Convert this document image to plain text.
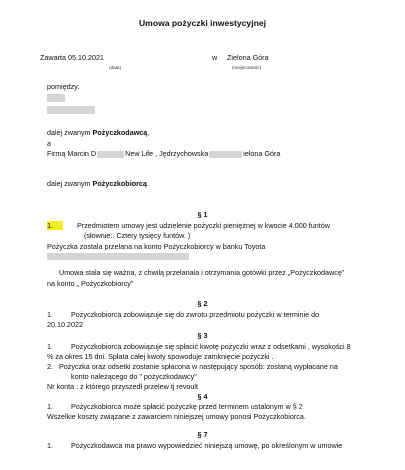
Umowa pożyczki inwestycyjnej
Zawarta 05.10.2021
(data)
w Zielona Góra
(miejscowość)
pomiędzy:
dalej zwanym Pożyczkodawcą,
a
Firmą Marcin D	New Life , Jędrzychowska	ielona Góra
dalej zwanym Pożyczkobiorcą.
§ 1
1.	Przedmiotem umowy jest udzielenie pożyczki pieniężnej w kwocie 4.000 funtów
(słownie:. Cztery tysięcy funtów. )
Pożyczka zostala przelana na konto Pożyczkobiorcy w banku Toyota
Umowa stala się ważna, z chwilą przelanaia i otrzymania gotówki przez „Pożyczkodawcę”
na konto „ Pożyczkobiorcy”
§ 2
1.	Pożyczkobiorca zobowiązuje się do zwrotu przedmiotu pożyczki w terminie do
20.10.2022
§ 3
1.	Pożyczkobiorca zobowiązuje się spłacić kwotę pożyczki wraz z odsetkami , wysokości 8
% za okres 15 dni. Spłata całej kwoty spowoduje zamknięcie pożyczki .
2. Pożyczka oraz odsetki zostanie spłacona w następujący sposób: zostaną wypłacane na
konto należącego do " pożyczkodawcy"
Nr konta : z którego przyszedł przelew tj revoult
§ 4
1.	Pożyczkobiorca może spłacić pożyczkę przed terminem ustalonym w § 2
Wszelkie koszty związane z zawarciem niniejszej umowy ponosi Pożyczkobiorca.
§ 7
1.	Pożyczkodawca ma prawo wypowiedzieć niniejszą umowę, po określonym w umowie
